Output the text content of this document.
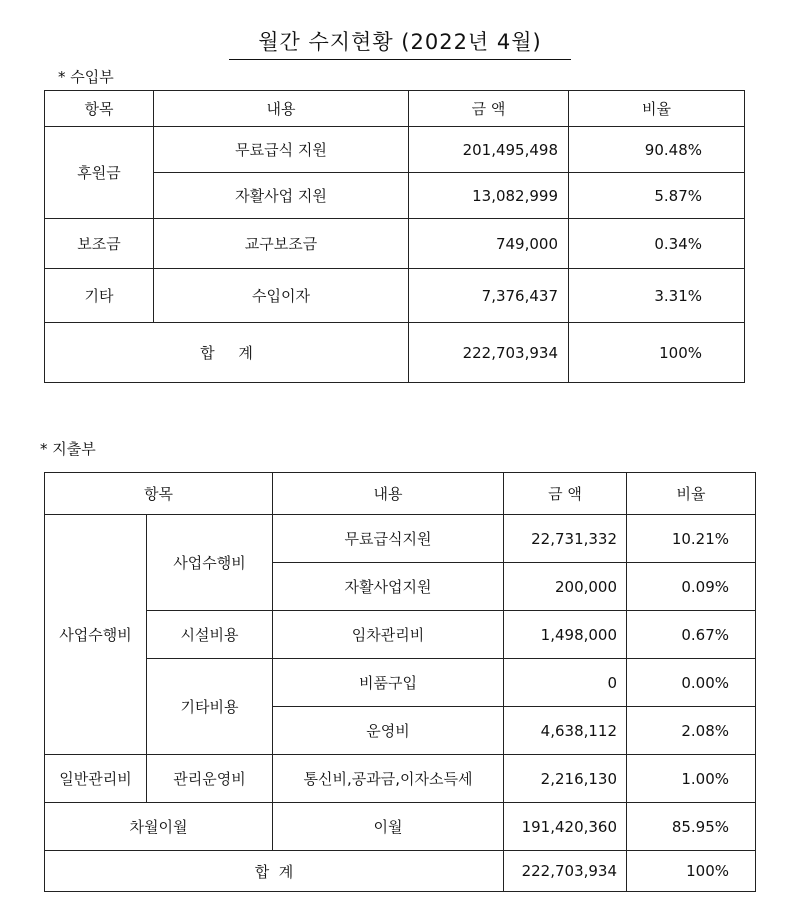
월간 수지현황 (2022년 4월)
* 수입부
항목	내용	금 액	비율
후원금	무료급식 지원	201,495,498	90.48%
	자활사업 지원	13,082,999	5.87%
보조금	교구보조금	749,000	0.34%
기타	수입이자	7,376,437	3.31%
합     계		222,703,934	100%
* 지출부
항목		내용	금 액	비율
사업수행비	사업수행비	무료급식지원	22,731,332	10.21%
		자활사업지원	200,000	0.09%
	시설비용	임차관리비	1,498,000	0.67%
	기타비용	비품구입	0	0.00%
		운영비	4,638,112	2.08%
일반관리비	관리운영비	통신비,공과금,이자소득세	2,216,130	1.00%
차월이월		이월	191,420,360	85.95%
합  계			222,703,934	100%
